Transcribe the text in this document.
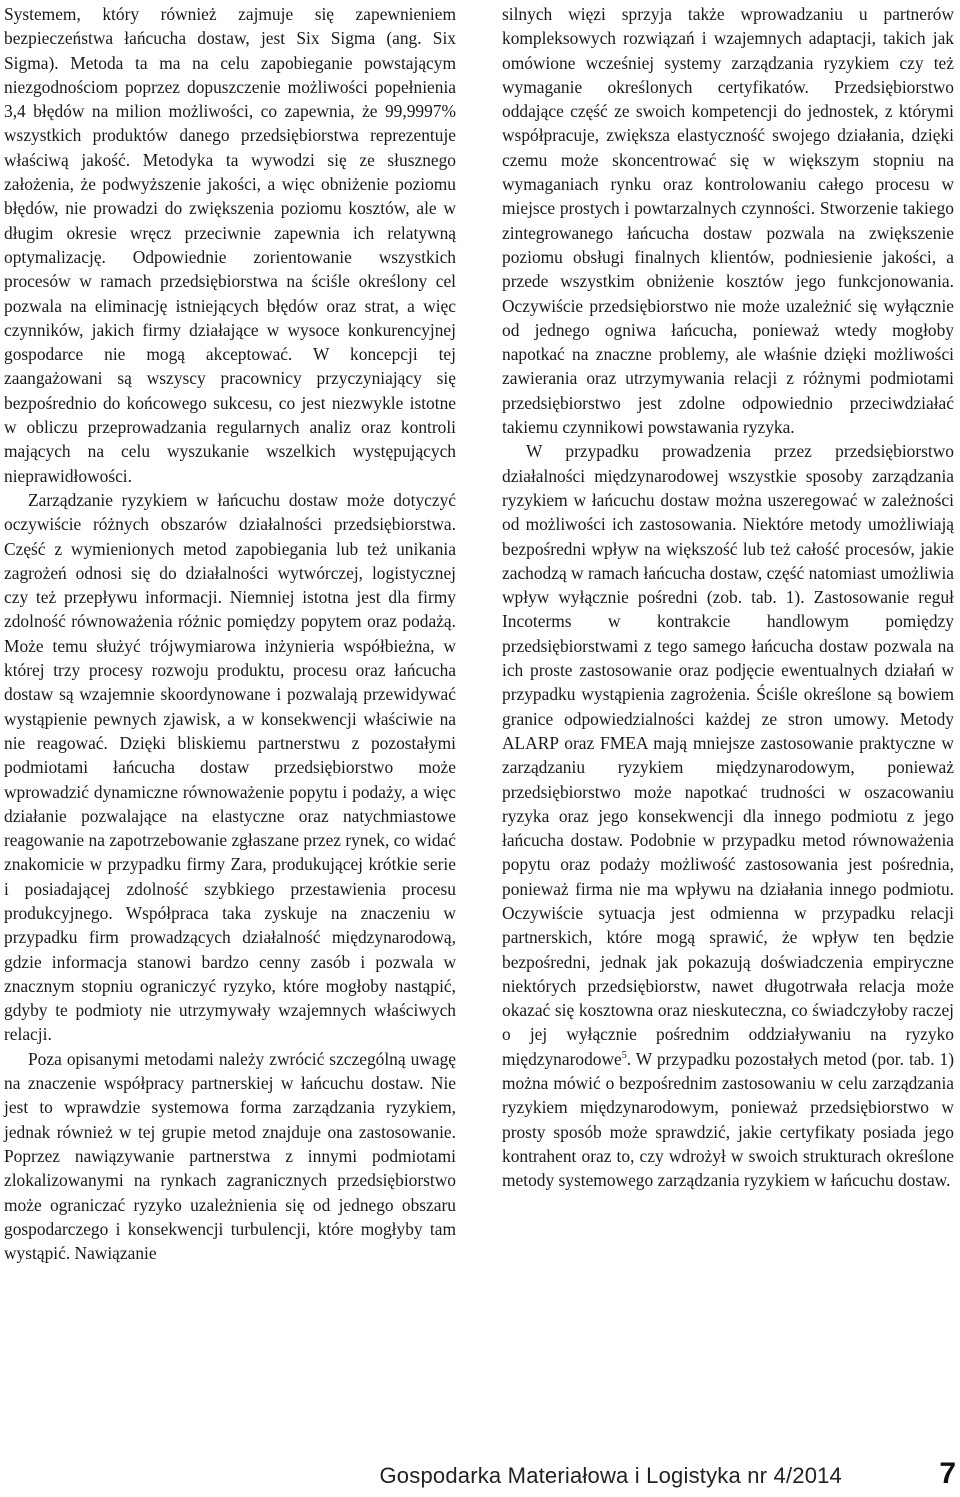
Systemem, który również zajmuje się zapewnieniem bezpieczeństwa łańcucha dostaw, jest Six Sigma (ang. Six Sigma). Metoda ta ma na celu zapobieganie powstającym niezgodnościom poprzez dopuszczenie możliwości popełnienia 3,4 błędów na milion możliwości, co zapewnia, że 99,9997% wszystkich produktów danego przedsiębiorstwa reprezentuje właściwą jakość. Metodyka ta wywodzi się ze słusznego założenia, że podwyższenie jakości, a więc obniżenie poziomu błędów, nie prowadzi do zwiększenia poziomu kosztów, ale w długim okresie wręcz przeciwnie zapewnia ich relatywną optymalizację. Odpowiednie zorientowanie wszystkich procesów w ramach przedsiębiorstwa na ściśle określony cel pozwala na eliminację istniejących błędów oraz strat, a więc czynników, jakich firmy działające w wysoce konkurencyjnej gospodarce nie mogą akceptować. W koncepcji tej zaangażowani są wszyscy pracownicy przyczyniający się bezpośrednio do końcowego sukcesu, co jest niezwykle istotne w obliczu przeprowadzania regularnych analiz oraz kontroli mających na celu wyszukanie wszelkich występujących nieprawidłowości.

Zarządzanie ryzykiem w łańcuchu dostaw może dotyczyć oczywiście różnych obszarów działalności przedsiębiorstwa. Część z wymienionych metod zapobiegania lub też unikania zagrożeń odnosi się do działalności wytwórczej, logistycznej czy też przepływu informacji. Niemniej istotna jest dla firmy zdolność równoważenia różnic pomiędzy popytem oraz podażą. Może temu służyć trójwymiarowa inżynieria współbieżna, w której trzy procesy rozwoju produktu, procesu oraz łańcucha dostaw są wzajemnie skoordynowane i pozwalają przewidywać wystąpienie pewnych zjawisk, a w konsekwencji właściwie na nie reagować. Dzięki bliskiemu partnerstwu z pozostałymi podmiotami łańcucha dostaw przedsiębiorstwo może wprowadzić dynamiczne równoważenie popytu i podaży, a więc działanie pozwalające na elastyczne oraz natychmiastowe reagowanie na zapotrzebowanie zgłaszane przez rynek, co widać znakomicie w przypadku firmy Zara, produkującej krótkie serie i posiadającej zdolność szybkiego przestawienia procesu produkcyjnego. Współpraca taka zyskuje na znaczeniu w przypadku firm prowadzących działalność międzynarodową, gdzie informacja stanowi bardzo cenny zasób i pozwala w znacznym stopniu ograniczyć ryzyko, które mogłoby nastąpić, gdyby te podmioty nie utrzymywały wzajemnych właściwych relacji.

Poza opisanymi metodami należy zwrócić szczególną uwagę na znaczenie współpracy partnerskiej w łańcuchu dostaw. Nie jest to wprawdzie systemowa forma zarządzania ryzykiem, jednak również w tej grupie metod znajduje ona zastosowanie. Poprzez nawiązywanie partnerstwa z innymi podmiotami zlokalizowanymi na rynkach zagranicznych przedsiębiorstwo może ograniczać ryzyko uzależnienia się od jednego obszaru gospodarczego i konsekwencji turbulencji, które mogłyby tam wystąpić. Nawiązanie

silnych więzi sprzyja także wprowadzaniu u partnerów kompleksowych rozwiązań i wzajemnych adaptacji, takich jak omówione wcześniej systemy zarządzania ryzykiem czy też wymaganie określonych certyfikatów. Przedsiębiorstwo oddające część ze swoich kompetencji do jednostek, z którymi współpracuje, zwiększa elastyczność swojego działania, dzięki czemu może skoncentrować się w większym stopniu na wymaganiach rynku oraz kontrolowaniu całego procesu w miejsce prostych i powtarzalnych czynności. Stworzenie takiego zintegrowanego łańcucha dostaw pozwala na zwiększenie poziomu obsługi finalnych klientów, podniesienie jakości, a przede wszystkim obniżenie kosztów jego funkcjonowania. Oczywiście przedsiębiorstwo nie może uzależnić się wyłącznie od jednego ogniwa łańcucha, ponieważ wtedy mogłoby napotkać na znaczne problemy, ale właśnie dzięki możliwości zawierania oraz utrzymywania relacji z różnymi podmiotami przedsiębiorstwo jest zdolne odpowiednio przeciwdziałać takiemu czynnikowi powstawania ryzyka.

W przypadku prowadzenia przez przedsiębiorstwo działalności międzynarodowej wszystkie sposoby zarządzania ryzykiem w łańcuchu dostaw można uszeregować w zależności od możliwości ich zastosowania. Niektóre metody umożliwiają bezpośredni wpływ na większość lub też całość procesów, jakie zachodzą w ramach łańcucha dostaw, część natomiast umożliwia wpływ wyłącznie pośredni (zob. tab. 1). Zastosowanie reguł Incoterms w kontrakcie handlowym pomiędzy przedsiębiorstwami z tego samego łańcucha dostaw pozwala na ich proste zastosowanie oraz podjęcie ewentualnych działań w przypadku wystąpienia zagrożenia. Ściśle określone są bowiem granice odpowiedzialności każdej ze stron umowy. Metody ALARP oraz FMEA mają mniejsze zastosowanie praktyczne w zarządzaniu ryzykiem międzynarodowym, ponieważ przedsiębiorstwo może napotkać trudności w oszacowaniu ryzyka oraz jego konsekwencji dla innego podmiotu z jego łańcucha dostaw. Podobnie w przypadku metod równoważenia popytu oraz podaży możliwość zastosowania jest pośrednia, ponieważ firma nie ma wpływu na działania innego podmiotu. Oczywiście sytuacja jest odmienna w przypadku relacji partnerskich, które mogą sprawić, że wpływ ten będzie bezpośredni, jednak jak pokazują doświadczenia empiryczne niektórych przedsiębiorstw, nawet długotrwała relacja może okazać się kosztowna oraz nieskuteczna, co świadczyłoby raczej o jej wyłącznie pośrednim oddziaływaniu na ryzyko międzynarodowe$^5$. W przypadku pozostałych metod (por. tab. 1) można mówić o bezpośrednim zastosowaniu w celu zarządzania ryzykiem międzynarodowym, ponieważ przedsiębiorstwo w prosty sposób może sprawdzić, jakie certyfikaty posiada jego kontrahent oraz to, czy wdrożył w swoich strukturach określone metody systemowego zarządzania ryzykiem w łańcuchu dostaw.

Gospodarka Materiałowa i Logistyka nr 4/2014	7
